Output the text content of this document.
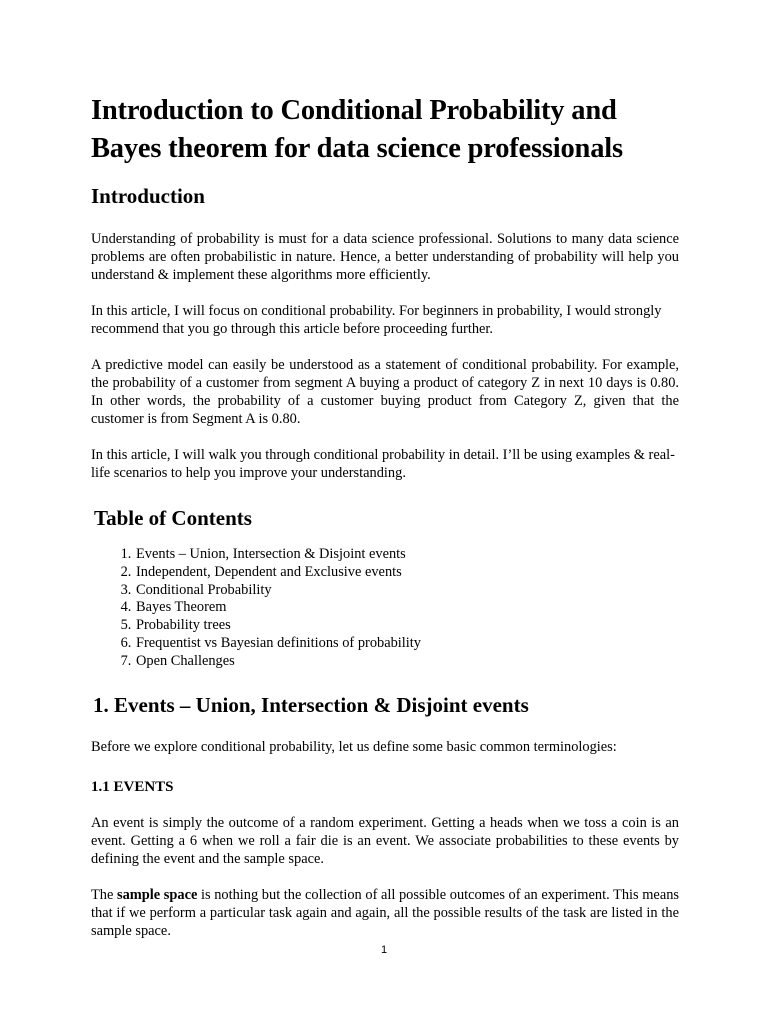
Introduction to Conditional Probability and Bayes theorem for data science professionals
Introduction

Understanding of probability is must for a data science professional. Solutions to many data science problems are often probabilistic in nature. Hence, a better understanding of probability will help you understand & implement these algorithms more efficiently.

In this article, I will focus on conditional probability. For beginners in probability, I would strongly recommend that you go through this article before proceeding further.

A predictive model can easily be understood as a statement of conditional probability. For example, the probability of a customer from segment A buying a product of category Z in next 10 days is 0.80. In other words, the probability of a customer buying product from Category Z, given that the customer is from Segment A is 0.80.

In this article, I will walk you through conditional probability in detail. I’ll be using examples & real-life scenarios to help you improve your understanding.

Table of Contents
1. Events – Union, Intersection & Disjoint events
2. Independent, Dependent and Exclusive events
3. Conditional Probability
4. Bayes Theorem
5. Probability trees
6. Frequentist vs Bayesian definitions of probability
7. Open Challenges
1. Events – Union, Intersection & Disjoint events

Before we explore conditional probability, let us define some basic common terminologies:

1.1 EVENTS

An event is simply the outcome of a random experiment. Getting a heads when we toss a coin is an event. Getting a 6 when we roll a fair die is an event. We associate probabilities to these events by defining the event and the sample space.

The sample space is nothing but the collection of all possible outcomes of an experiment. This means that if we perform a particular task again and again, all the possible results of the task are listed in the sample space.

1
